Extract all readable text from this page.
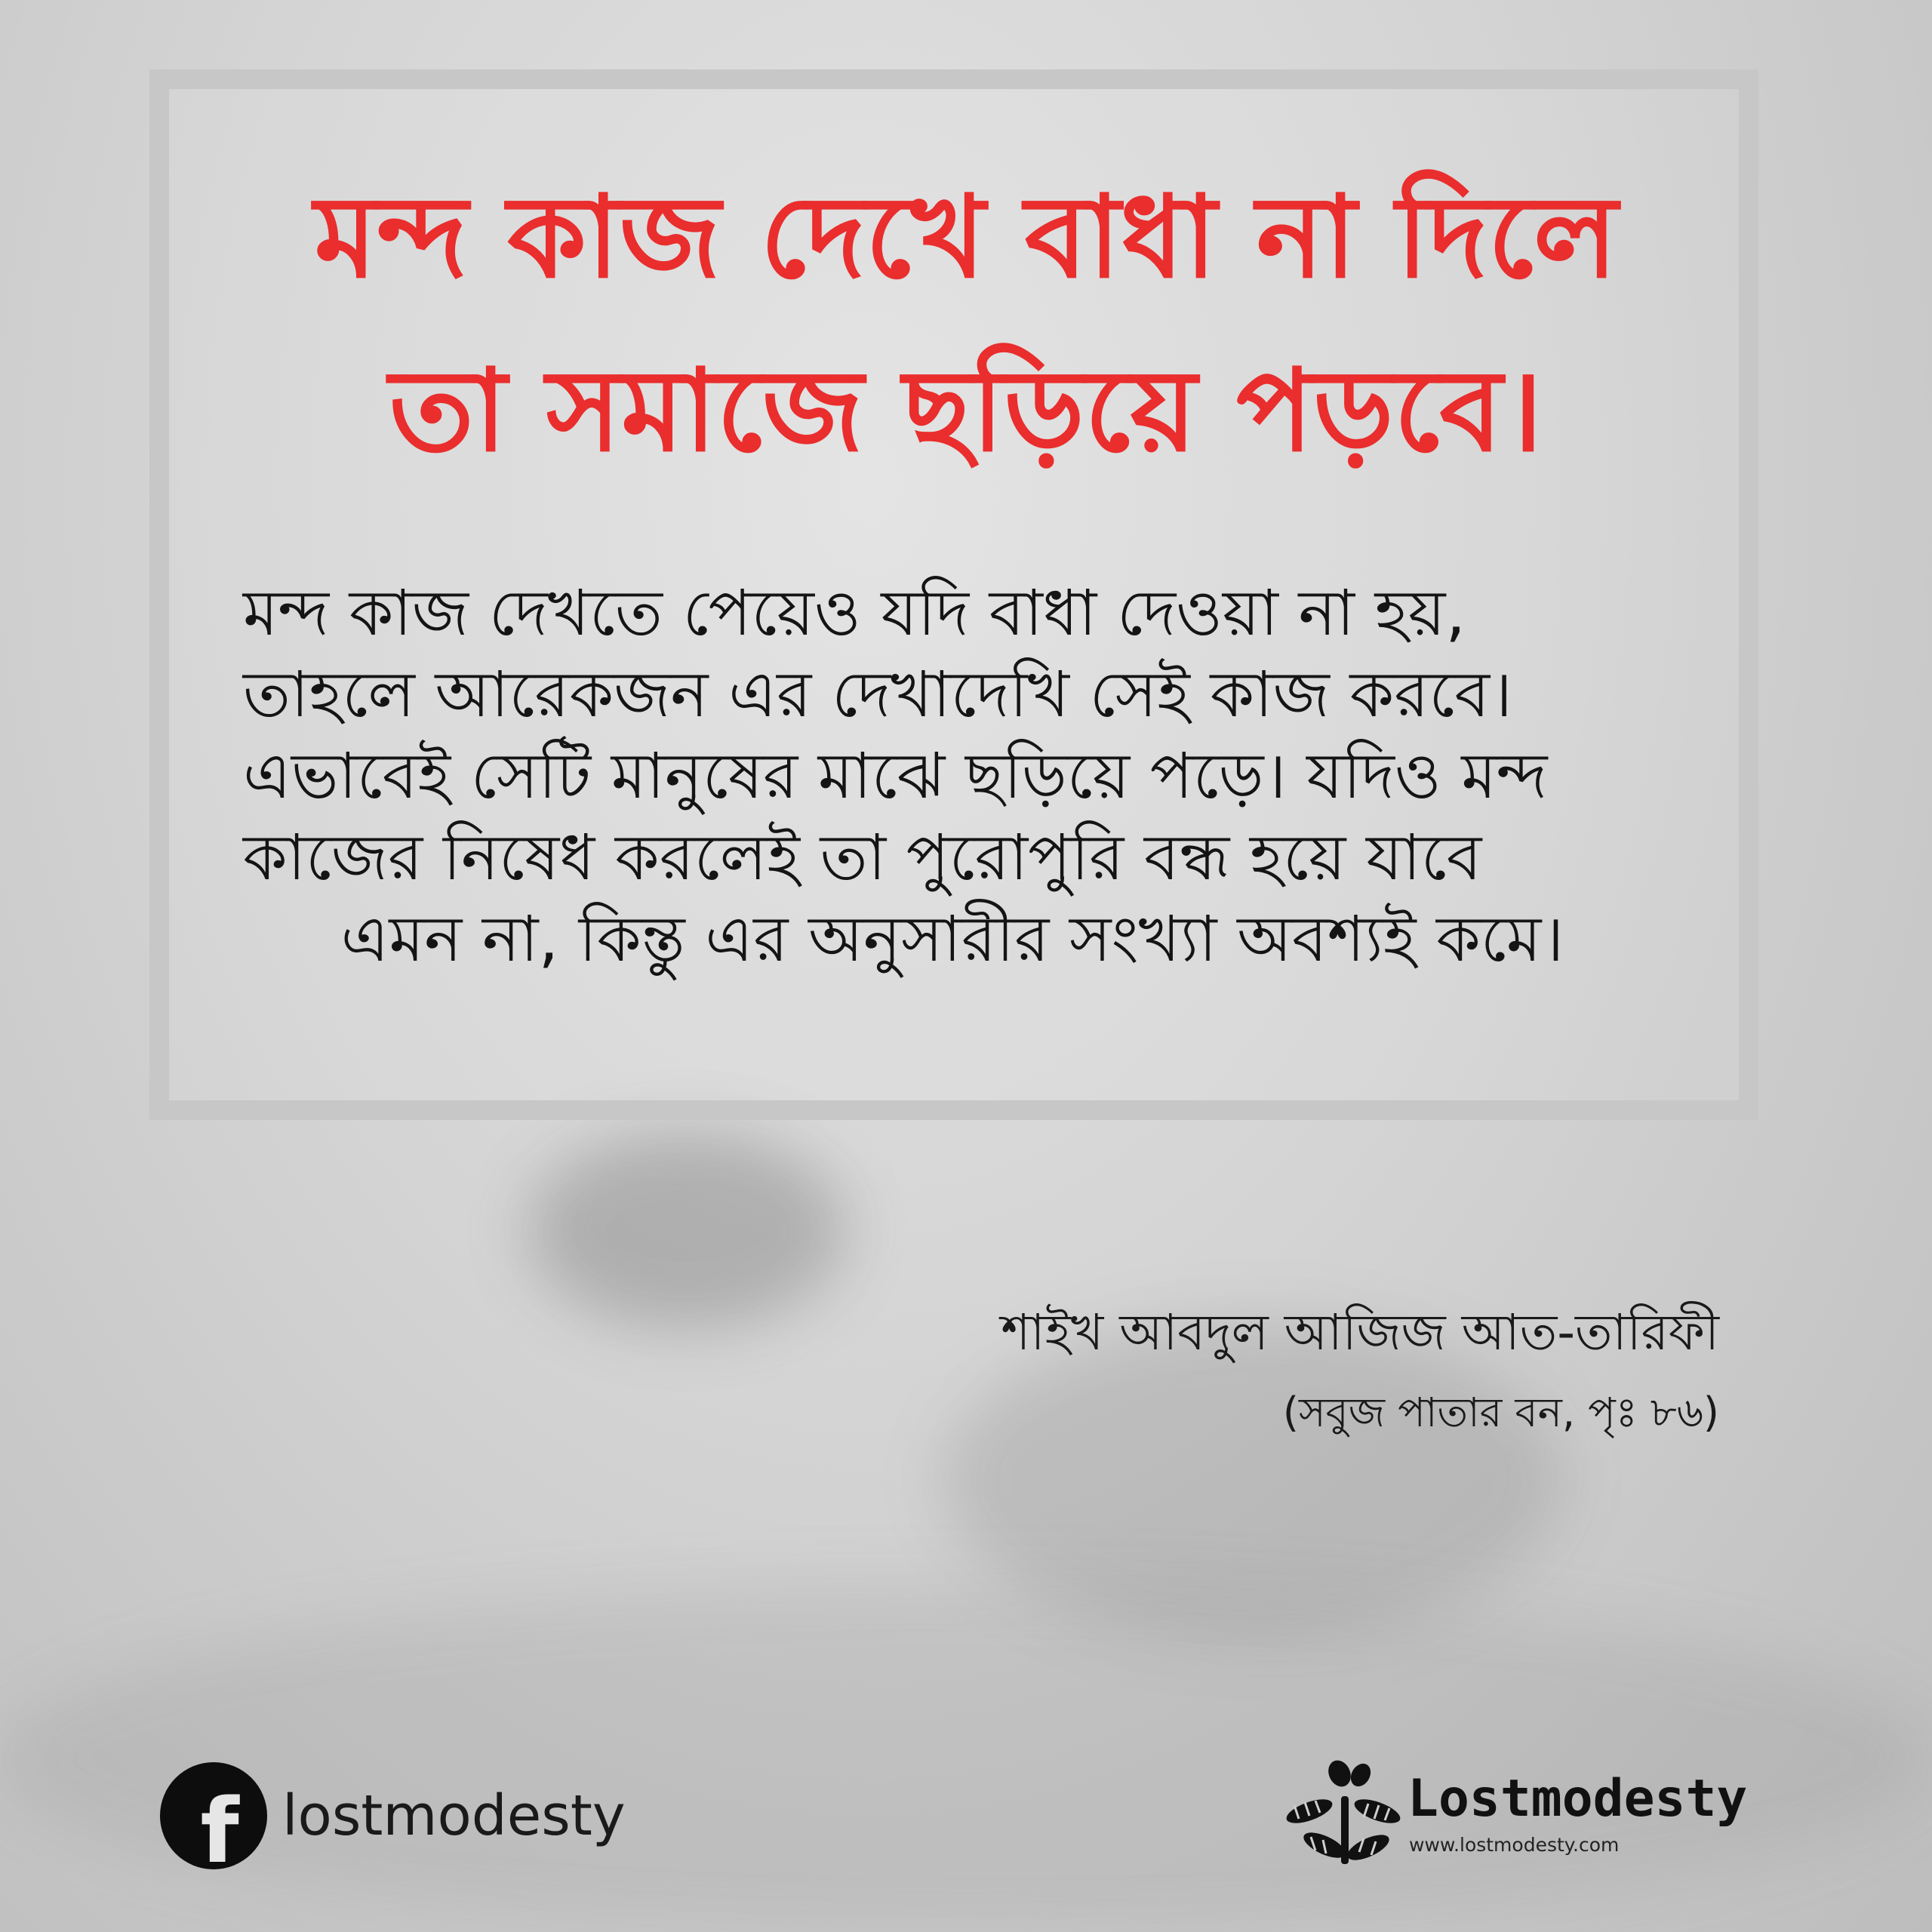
মন্দ কাজ দেখে বাধা না দিলে
তা সমাজে ছড়িয়ে পড়বে।
মন্দ কাজ দেখতে পেয়েও যদি বাধা দেওয়া না হয়,
তাহলে আরেকজন এর দেখাদেখি সেই কাজ করবে।
এভাবেই সেটি মানুষের মাঝে ছড়িয়ে পড়ে। যদিও মন্দ
কাজের নিষেধ করলেই তা পুরোপুরি বন্ধ হয়ে যাবে
এমন না, কিন্তু এর অনুসারীর সংখ্যা অবশ্যই কমে।
শাইখ আবদুল আজিজ আত-তারিফী
(সবুজ পাতার বন, পৃঃ ৮৬)
f lostmodesty	Lostmodesty
www.lostmodesty.com
